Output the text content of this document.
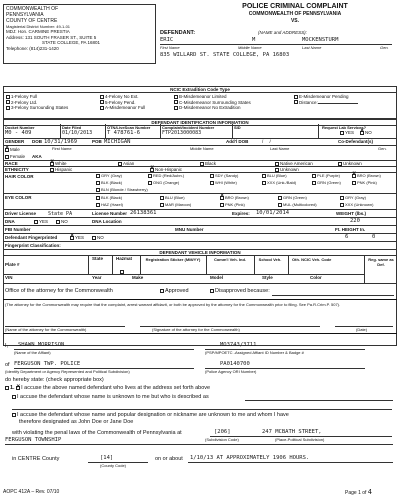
COMMONWEALTH OF
PENNSYLVANIA
COUNTY OF CENTRE
Magisterial District Number: 49-1-01
MDJ: Hon. CARMINE PRESTIA
Address: 131 SOUTH FRASER ST., SUITE 5
STATE COLLEGE, PA 16801
Telephone: (814)231-1420
POLICE CRIMINAL COMPLAINT
COMMONWEALTH OF PENNSYLVANIA
VS.
DEFENDANT:	(NAME and ADDRESS):
ERIC	M	MOCKENSTURM
First Name	Middle Name	Last Name	Gen.
835 WILLARD ST. STATE COLLEGE, PA 16803
NCIC Extradition Code Type
1-Felony Full
2-Felony Ltd.
3-Felony Surrounding States
4-Felony No Ext.
5-Felony Pend.
A-Misdemeanor Full
B-Misdemeanor Limited
C-Misdemeanor Surrounding States
D-Misdemeanor No Extradition
E-Misdemeanor Pending
Distance:
DEFENDANT IDENTIFICATION INFORMATION
Docket Number
M0 - 409
Date Filed
01/10/2013
OTN/LiveScan Number
T 478761-6
Complaint/Incident Number
FTP2013000083
SID	Request Lab Services?
YES ×	NO
GENDER DOB 10/31/1969	POB MICHIGAN	Add'l DOB	/     /	Co-Defendant(s)
×Male	First Name	Middle Name	Last Name	Gen.
Female AKA
RACE ×	White	Asian	Black	Native American	Unknown
ETHNICITY	Hispanic ×	Non-Hispanic	Unknown
HAIR COLOR	GRY (Gray)	RED (Red/Aubn.)	SDY (Sandy)	BLU (Blue)	PLE (Purple) ×	BRO (Brown)
BLK (Black)	ONG (Orange)	WHI (White)	XXX (Unk./Bald)	GRN (Green)	PNK (Pink)
BLN (Blonde / Strawberry)
EYE COLOR	BLK (Black)	BLU (Blue) ×	BRO (Brown)	GRN (Green)	GRY (Gray)
HAZ (Hazel)	MAR (Maroon)	PNK (Pink)	MUL (Multicolored)	XXX (Unknown)
Driver License State PA	License Number 26138361	Expires: 10/01/2014	WEIGHT (lbs.)
DNA	YES	NO	DNA Location	220
FBI Number	MNU Number	Ft. HEIGHT In.
Defendant Fingerprinted ×	YES	NO	6	0
Fingerprint Classification:
DEFENDANT VEHICLE INFORMATION
Plate #
State	Hazmat	Registration Sticker (MM/YY)	Comm'l Veh. Ind.	School Veh.	Oth. NCIC Veh. Code	Reg. same as Def.
VIN	Year	Make	Model	Style	Color
Office of the attorney for the Commonwealth	Approved	Disapproved because:
(The attorney for the Commonwealth may require that the complaint, arrest warrant affidavit, or both be approved by the attorney for the Commonwealth prior to filing. See Pa.R.Crim.P. 507).
(Name of the attorney for the Commonwealth)	(Signature of the attorney for the Commonwealth)	(Date)
I, SHAWN MORRISON
(Name of the Affiant)
MO3743/3711
(PSP/MPOETC -Assigned Affiant ID Number & Badge #
of FERGUSON TWP. POLICE
(Identify Department or Agency Represented and Political Subdivision)
PA0140700
(Police Agency ORI Number)
do hereby state: (check appropriate box)
1. × I accuse the above named defendant who lives at the address set forth above
I accuse the defendant whose name is unknown to me but who is described as
I accuse the defendant whose name and popular designation or nickname are unknown to me and whom I have
therefore designated as John Doe or Jane Doe
with violating the penal laws of the Commonwealth of Pennsylvania at	[206]	247 MCBATH STREET,
(Subdivision Code)	(Place-Political Subdivision)
FERGUSON TOWNSHIP
in CENTRE County	[14]
(County Code)
on or about 1/10/13 AT APPROXIMATELY 1906 HOURS.
AOPC 412A – Rev. 07/10	Page 1 of 4
